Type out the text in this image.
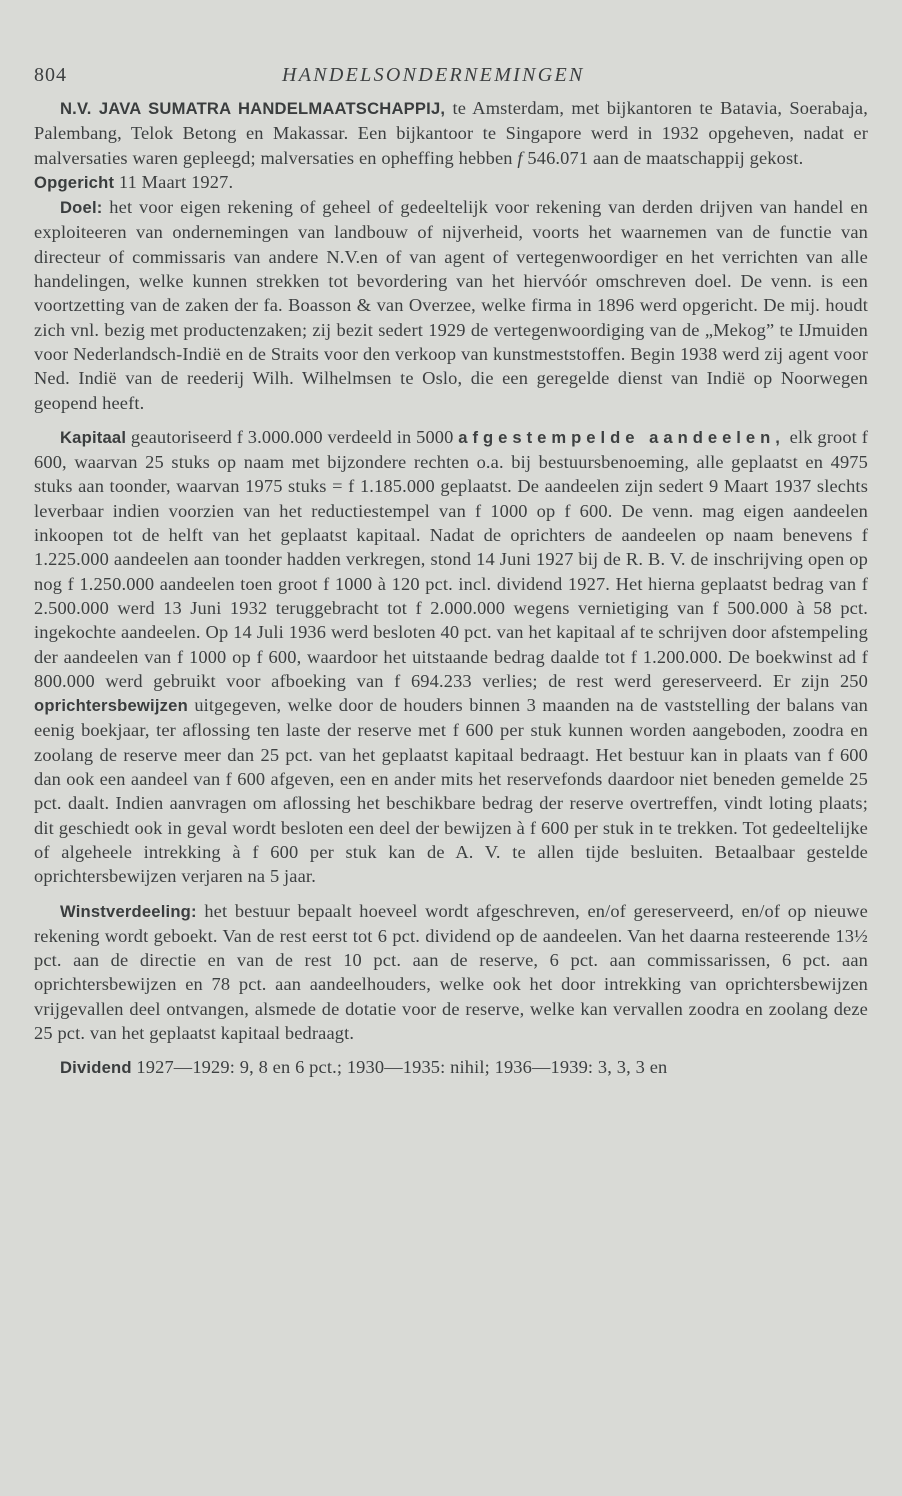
804	HANDELSONDERNEMINGEN

N.V. JAVA SUMATRA HANDELMAATSCHAPPIJ, te Amsterdam, met bijkantoren te Batavia, Soerabaja, Palembang, Telok Betong en Makassar. Een bijkantoor te Singapore werd in 1932 opgeheven, nadat er malversaties waren gepleegd; malversaties en opheffing hebben f 546.071 aan de maatschappij gekost.
Opgericht 11 Maart 1927.

Doel: het voor eigen rekening of geheel of gedeeltelijk voor rekening van derden drijven van handel en exploiteeren van ondernemingen van landbouw of nijverheid, voorts het waarnemen van de functie van directeur of commissaris van andere N.V.en of van agent of vertegenwoordiger en het verrichten van alle handelingen, welke kunnen strekken tot bevordering van het hiervóór omschreven doel. De venn. is een voortzetting van de zaken der fa. Boasson & van Overzee, welke firma in 1896 werd opgericht. De mij. houdt zich vnl. bezig met productenzaken; zij bezit sedert 1929 de vertegenwoordiging van de „Mekog” te IJmuiden voor Nederlandsch-Indië en de Straits voor den verkoop van kunstmeststoffen. Begin 1938 werd zij agent voor Ned. Indië van de reederij Wilh. Wilhelmsen te Oslo, die een geregelde dienst van Indië op Noorwegen geopend heeft.

Kapitaal geautoriseerd f 3.000.000 verdeeld in 5000 afgestempelde aandeelen, elk groot f 600, waarvan 25 stuks op naam met bijzondere rechten o.a. bij bestuursbenoeming, alle geplaatst en 4975 stuks aan toonder, waarvan 1975 stuks = f 1.185.000 geplaatst. De aandeelen zijn sedert 9 Maart 1937 slechts leverbaar indien voorzien van het reductiestempel van f 1000 op f 600. De venn. mag eigen aandeelen inkoopen tot de helft van het geplaatst kapitaal. Nadat de oprichters de aandeelen op naam benevens f 1.225.000 aandeelen aan toonder hadden verkregen, stond 14 Juni 1927 bij de R. B. V. de inschrijving open op nog f 1.250.000 aandeelen toen groot f 1000 à 120 pct. incl. dividend 1927. Het hierna geplaatst bedrag van f 2.500.000 werd 13 Juni 1932 teruggebracht tot f 2.000.000 wegens vernietiging van f 500.000 à 58 pct. ingekochte aandeelen. Op 14 Juli 1936 werd besloten 40 pct. van het kapitaal af te schrijven door afstempeling der aandeelen van f 1000 op f 600, waardoor het uitstaande bedrag daalde tot f 1.200.000. De boekwinst ad f 800.000 werd gebruikt voor afboeking van f 694.233 verlies; de rest werd gereserveerd. Er zijn 250 oprichtersbewijzen uitgegeven, welke door de houders binnen 3 maanden na de vaststelling der balans van eenig boekjaar, ter aflossing ten laste der reserve met f 600 per stuk kunnen worden aangeboden, zoodra en zoolang de reserve meer dan 25 pct. van het geplaatst kapitaal bedraagt. Het bestuur kan in plaats van f 600 dan ook een aandeel van f 600 afgeven, een en ander mits het reservefonds daardoor niet beneden gemelde 25 pct. daalt. Indien aanvragen om aflossing het beschikbare bedrag der reserve overtreffen, vindt loting plaats; dit geschiedt ook in geval wordt besloten een deel der bewijzen à f 600 per stuk in te trekken. Tot gedeeltelijke of algeheele intrekking à f 600 per stuk kan de A. V. te allen tijde besluiten. Betaalbaar gestelde oprichtersbewijzen verjaren na 5 jaar.

Winstverdeeling: het bestuur bepaalt hoeveel wordt afgeschreven, en/of gereserveerd, en/of op nieuwe rekening wordt geboekt. Van de rest eerst tot 6 pct. dividend op de aandeelen. Van het daarna resteerende 13½ pct. aan de directie en van de rest 10 pct. aan de reserve, 6 pct. aan commissarissen, 6 pct. aan oprichtersbewijzen en 78 pct. aan aandeelhouders, welke ook het door intrekking van oprichtersbewijzen vrijgevallen deel ontvangen, alsmede de dotatie voor de reserve, welke kan vervallen zoodra en zoolang deze 25 pct. van het geplaatst kapitaal bedraagt.

Dividend 1927—1929: 9, 8 en 6 pct.; 1930—1935: nihil; 1936—1939: 3, 3, 3 en
